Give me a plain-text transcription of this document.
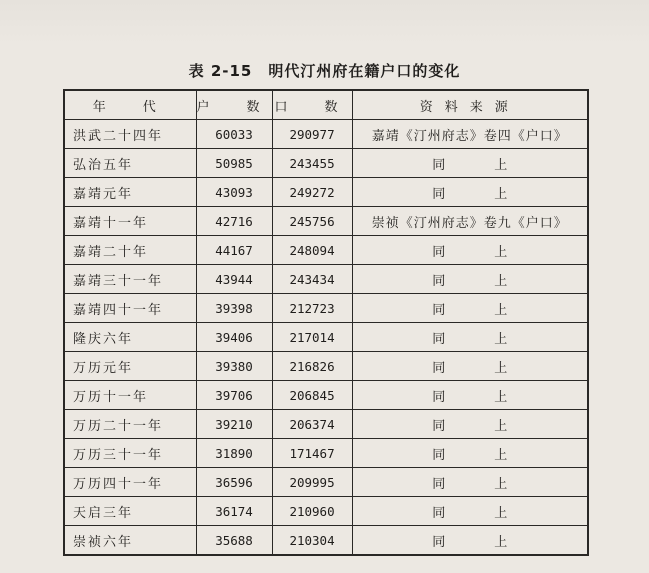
表 2-15　明代汀州府在籍户口的变化
年　代	户　数	口　数	资料来源
洪武二十四年	60033	290977	嘉靖《汀州府志》卷四《户口》
弘治五年	50985	243455	同　上
嘉靖元年	43093	249272	同　上
嘉靖十一年	42716	245756	崇祯《汀州府志》卷九《户口》
嘉靖二十年	44167	248094	同　上
嘉靖三十一年	43944	243434	同　上
嘉靖四十一年	39398	212723	同　上
隆庆六年	39406	217014	同　上
万历元年	39380	216826	同　上
万历十一年	39706	206845	同　上
万历二十一年	39210	206374	同　上
万历三十一年	31890	171467	同　上
万历四十一年	36596	209995	同　上
天启三年	36174	210960	同　上
崇祯六年	35688	210304	同　上
